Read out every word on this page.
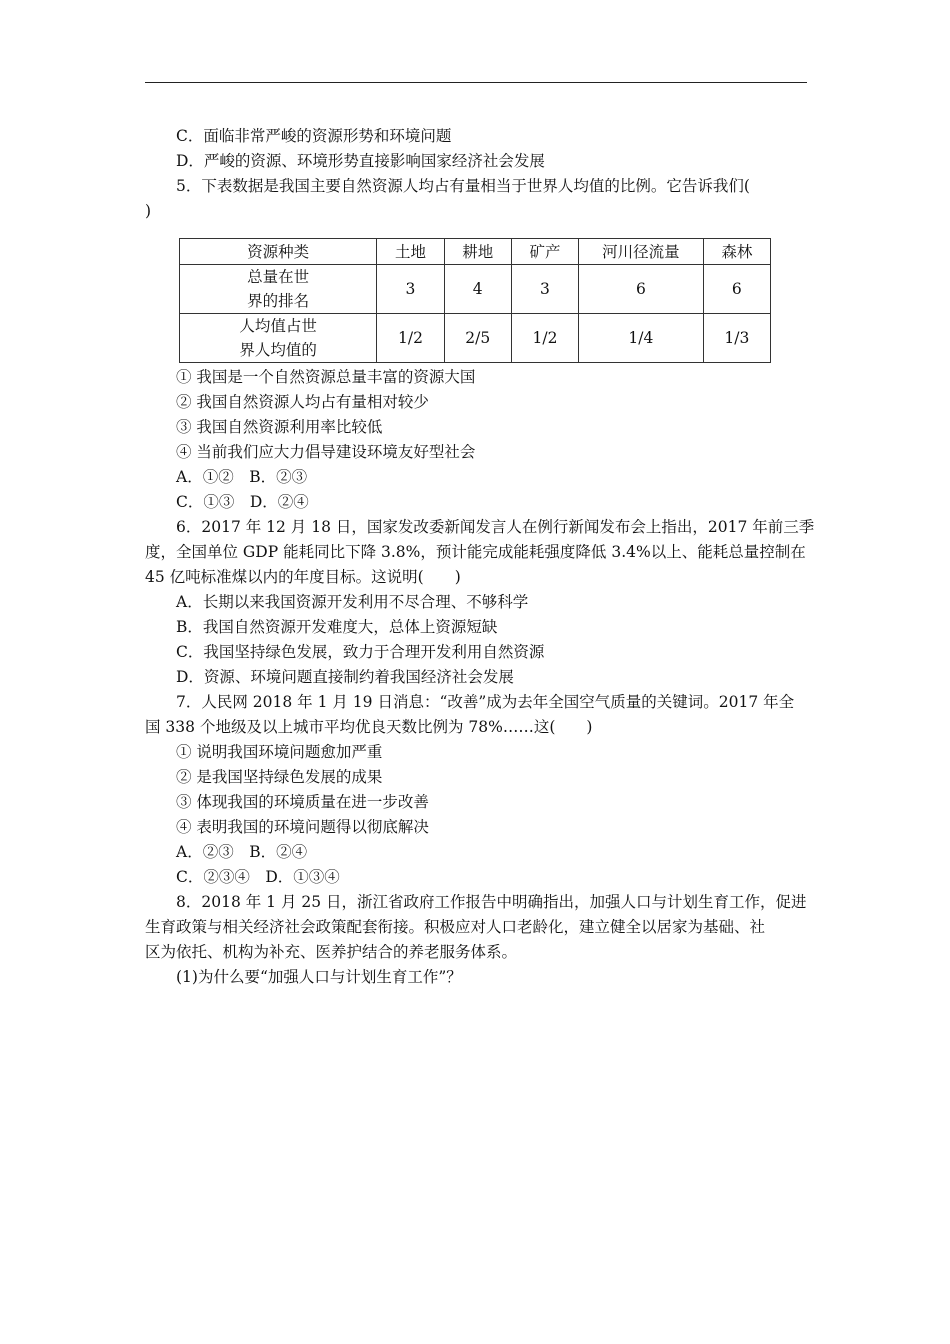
C．面临非常严峻的资源形势和环境问题
D．严峻的资源、环境形势直接影响国家经济社会发展
5．下表数据是我国主要自然资源人均占有量相当于世界人均值的比例。它告诉我们(
)
资源种类	土地	耕地	矿产	河川径流量	森林

总量在世
界的排名	3	4	3	6	6

人均值占世
界人均值的	1/2	2/5	1/2	1/4	1/3
① 我国是一个自然资源总量丰富的资源大国
② 我国自然资源人均占有量相对较少
③ 我国自然资源利用率比较低
④ 当前我们应大力倡导建设环境友好型社会
A．①②　B．②③
C．①③　D．②④
6．2017 年 12 月 18 日，国家发改委新闻发言人在例行新闻发布会上指出，2017 年前三季
度，全国单位 GDP 能耗同比下降 3.8%，预计能完成能耗强度降低 3.4%以上、能耗总量控制在
45 亿吨标准煤以内的年度目标。这说明(　　)
A．长期以来我国资源开发利用不尽合理、不够科学
B．我国自然资源开发难度大，总体上资源短缺
C．我国坚持绿色发展，致力于合理开发利用自然资源
D．资源、环境问题直接制约着我国经济社会发展
7．人民网 2018 年 1 月 19 日消息：“改善”成为去年全国空气质量的关键词。2017 年全
国 338 个地级及以上城市平均优良天数比例为 78%……这(　　)
① 说明我国环境问题愈加严重
② 是我国坚持绿色发展的成果
③ 体现我国的环境质量在进一步改善
④ 表明我国的环境问题得以彻底解决
A．②③　B．②④
C．②③④　D．①③④
8．2018 年 1 月 25 日，浙江省政府工作报告中明确指出，加强人口与计划生育工作，促进
生育政策与相关经济社会政策配套衔接。积极应对人口老龄化，建立健全以居家为基础、社
区为依托、机构为补充、医养护结合的养老服务体系。
(1)为什么要“加强人口与计划生育工作”？
